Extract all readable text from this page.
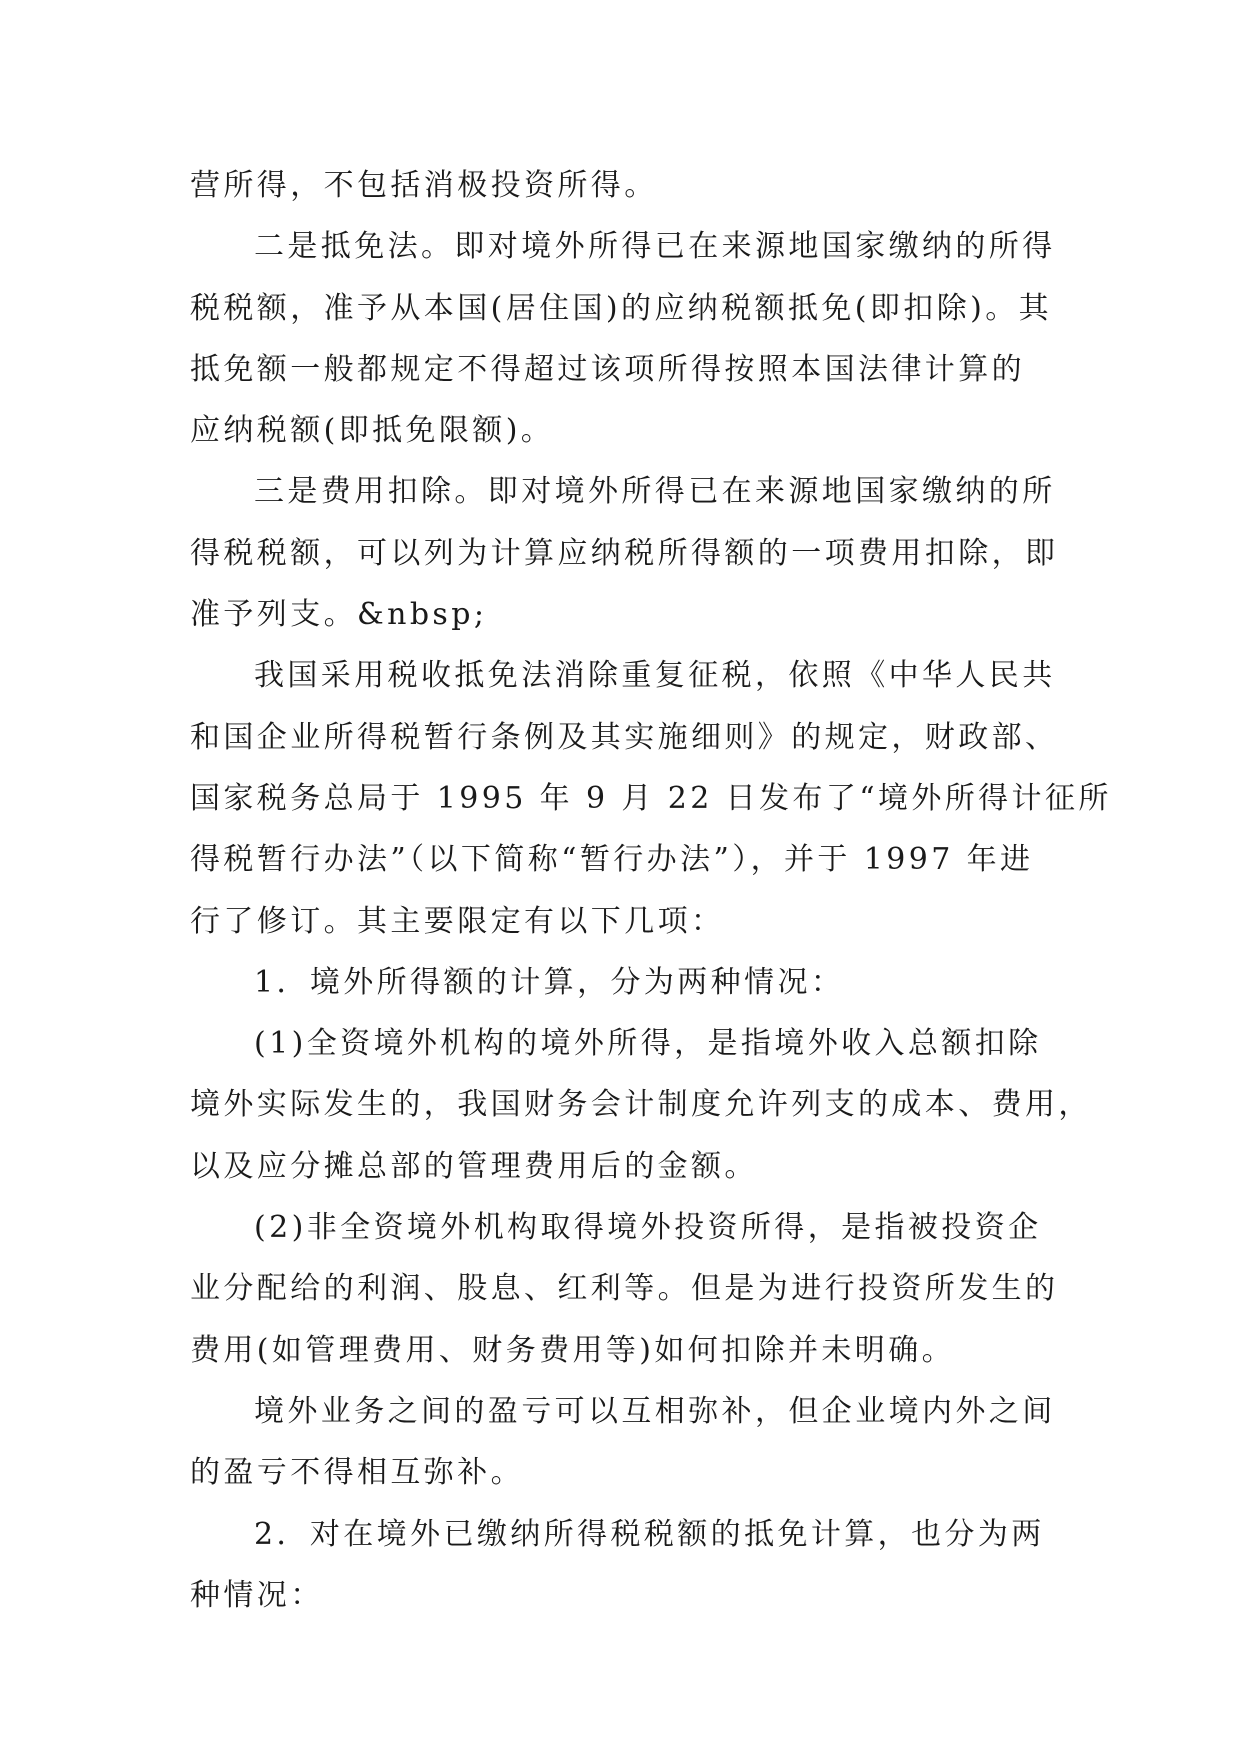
营所得，不包括消极投资所得。
二是抵免法。即对境外所得已在来源地国家缴纳的所得
税税额，准予从本国(居住国)的应纳税额抵免(即扣除)。其
抵免额一般都规定不得超过该项所得按照本国法律计算的
应纳税额(即抵免限额)。
三是费用扣除。即对境外所得已在来源地国家缴纳的所
得税税额，可以列为计算应纳税所得额的一项费用扣除，即
准予列支。&nbsp;
我国采用税收抵免法消除重复征税，依照《中华人民共
和国企业所得税暂行条例及其实施细则》的规定，财政部、
国家税务总局于 1995 年 9 月 22 日发布了“境外所得计征所
得税暂行办法”（以下简称“暂行办法”），并于 1997 年进
行了修订。其主要限定有以下几项：
1．境外所得额的计算，分为两种情况：
(1)全资境外机构的境外所得，是指境外收入总额扣除
境外实际发生的，我国财务会计制度允许列支的成本、费用，
以及应分摊总部的管理费用后的金额。
(2)非全资境外机构取得境外投资所得，是指被投资企
业分配给的利润、股息、红利等。但是为进行投资所发生的
费用(如管理费用、财务费用等)如何扣除并未明确。
境外业务之间的盈亏可以互相弥补，但企业境内外之间
的盈亏不得相互弥补。
2．对在境外已缴纳所得税税额的抵免计算，也分为两
种情况：
